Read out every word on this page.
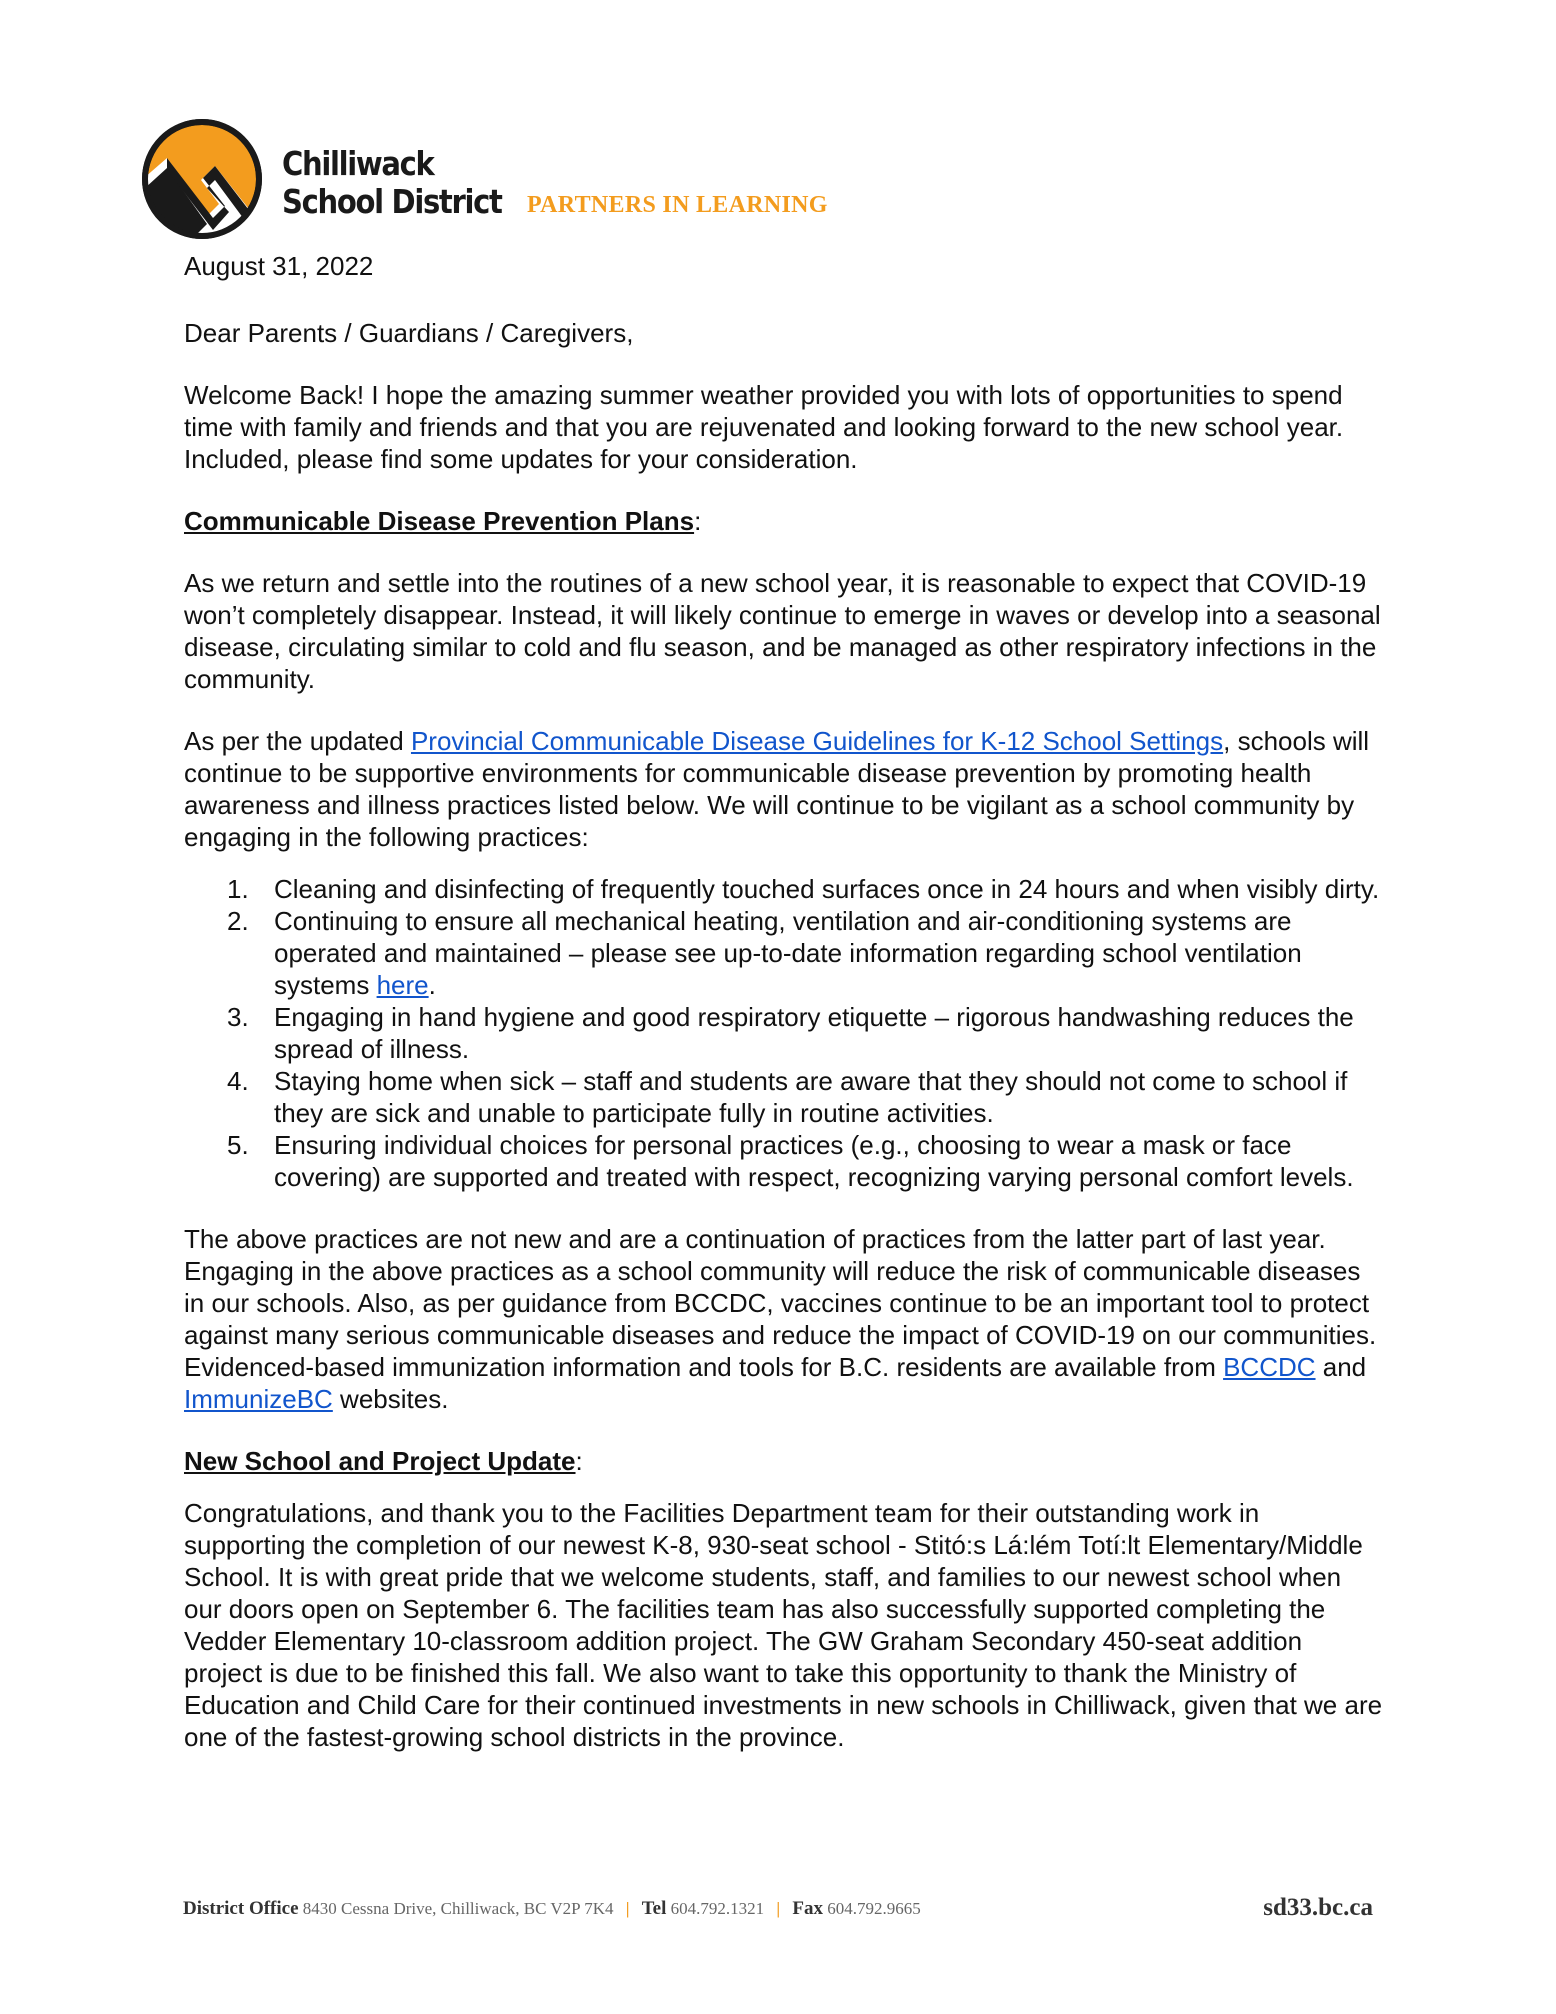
Chilliwack
School District	PARTNERS IN LEARNING

August 31, 2022

Dear Parents / Guardians / Caregivers,

Welcome Back! I hope the amazing summer weather provided you with lots of opportunities to spend time with family and friends and that you are rejuvenated and looking forward to the new school year. Included, please find some updates for your consideration.

Communicable Disease Prevention Plans:

As we return and settle into the routines of a new school year, it is reasonable to expect that COVID-19 won’t completely disappear. Instead, it will likely continue to emerge in waves or develop into a seasonal disease, circulating similar to cold and flu season, and be managed as other respiratory infections in the community.

As per the updated Provincial Communicable Disease Guidelines for K-12 School Settings, schools will continue to be supportive environments for communicable disease prevention by promoting health awareness and illness practices listed below. We will continue to be vigilant as a school community by engaging in the following practices:

1. Cleaning and disinfecting of frequently touched surfaces once in 24 hours and when visibly dirty.
2. Continuing to ensure all mechanical heating, ventilation and air-conditioning systems are operated and maintained – please see up-to-date information regarding school ventilation systems here.
3. Engaging in hand hygiene and good respiratory etiquette – rigorous handwashing reduces the spread of illness.
4. Staying home when sick – staff and students are aware that they should not come to school if they are sick and unable to participate fully in routine activities.
5. Ensuring individual choices for personal practices (e.g., choosing to wear a mask or face covering) are supported and treated with respect, recognizing varying personal comfort levels.

The above practices are not new and are a continuation of practices from the latter part of last year. Engaging in the above practices as a school community will reduce the risk of communicable diseases in our schools. Also, as per guidance from BCCDC, vaccines continue to be an important tool to protect against many serious communicable diseases and reduce the impact of COVID-19 on our communities. Evidenced-based immunization information and tools for B.C. residents are available from BCCDC and ImmunizeBC websites.

New School and Project Update:

Congratulations, and thank you to the Facilities Department team for their outstanding work in supporting the completion of our newest K-8, 930-seat school - Stitó:s Lá:lém Totí:lt Elementary/Middle School. It is with great pride that we welcome students, staff, and families to our newest school when our doors open on September 6. The facilities team has also successfully supported completing the Vedder Elementary 10-classroom addition project. The GW Graham Secondary 450-seat addition project is due to be finished this fall. We also want to take this opportunity to thank the Ministry of Education and Child Care for their continued investments in new schools in Chilliwack, given that we are one of the fastest-growing school districts in the province.

District Office 8430 Cessna Drive, Chilliwack, BC V2P 7K4 | Tel 604.792.1321 | Fax 604.792.9665	sd33.bc.ca
